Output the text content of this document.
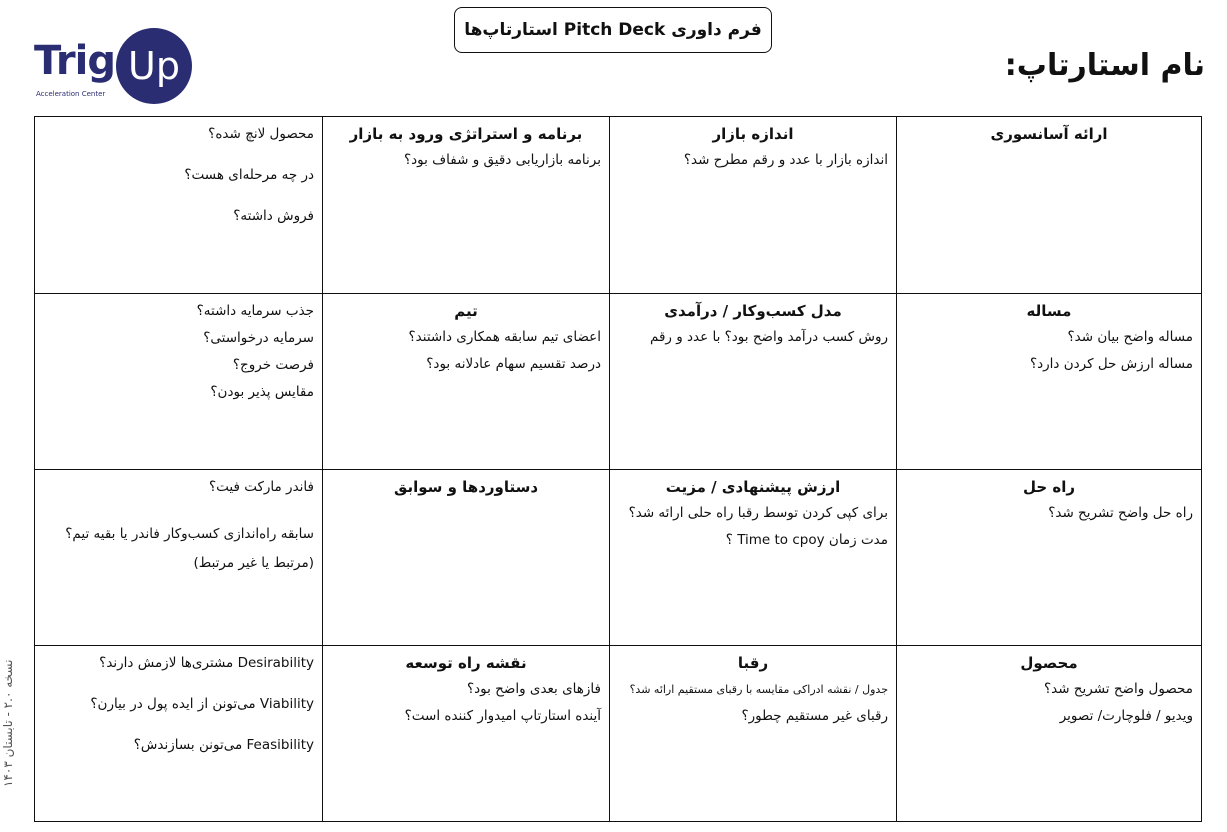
فرم داوری Pitch Deck استارتاپ‌ها
Trig Up
Acceleration Center
نام استارتاپ:
نسخه ۲.۰ - تابستان ۱۴۰۳
محصول لانچ شده؟
در چه مرحله‌ای هست؟
فروش داشته؟
برنامه و استراتژی ورود به بازار
برنامه بازاریابی دقیق و شفاف بود؟
اندازه بازار
اندازه بازار با عدد و رقم مطرح شد؟
ارائه آسانسوری
جذب سرمایه داشته؟
سرمایه درخواستی؟
فرصت خروج؟
مقایس پذیر بودن؟
تیم
اعضای تیم سابقه همکاری داشتند؟
درصد تقسیم سهام عادلانه بود؟
مدل کسب‌وکار / درآمدی
روش کسب درآمد واضح بود؟ با عدد و رقم
مساله
مساله واضح بیان شد؟
مساله ارزش حل کردن دارد؟
فاندر مارکت فیت؟
سابقه راه‌اندازی کسب‌وکار فاندر یا بقیه تیم؟
(مرتبط یا غیر مرتبط)
دستاوردها و سوابق	ارزش پیشنهادی / مزیت
برای کپی کردن توسط رقبا راه حلی ارائه شد؟
مدت زمان Time to cpoy ؟
راه حل
راه حل واضح تشریح شد؟
Desirability مشتری‌ها لازمش دارند؟
Viability می‌تونن از ایده پول در بیارن؟
Feasibility می‌تونن بسازندش؟
نقشه راه توسعه
فازهای بعدی واضح بود؟
آینده استارتاپ امیدوار کننده است؟
رقبا
جدول / نقشه ادراکی مقایسه با رقبای مستقیم ارائه شد؟
رقبای غیر مستقیم چطور؟
محصول
محصول واضح تشریح شد؟
ویدیو / فلوچارت/ تصویر
